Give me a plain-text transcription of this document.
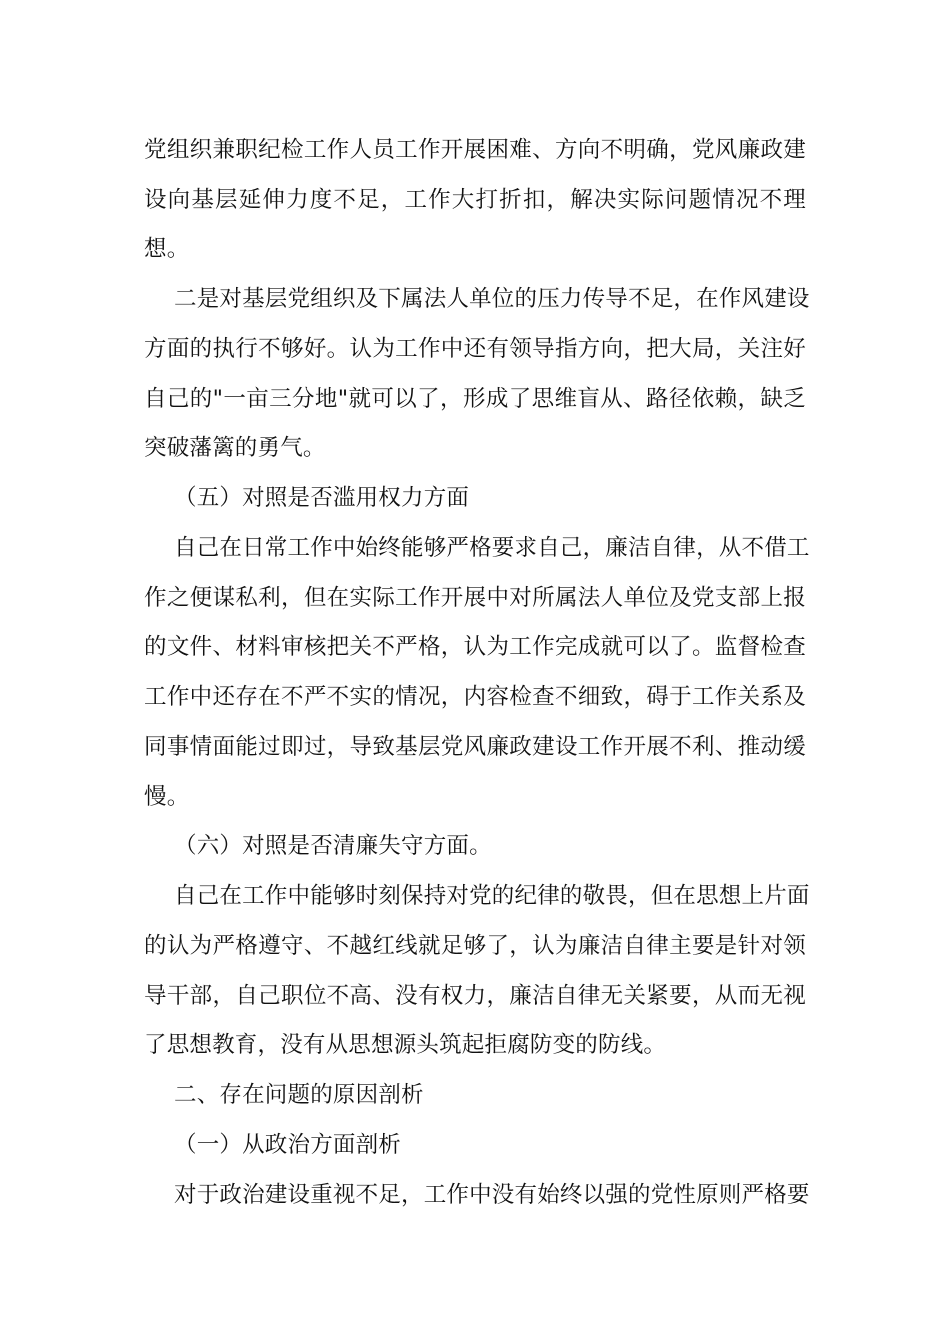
党组织兼职纪检工作人员工作开展困难、方向不明确，党风廉政建
设向基层延伸力度不足，工作大打折扣，解决实际问题情况不理
想。
二是对基层党组织及下属法人单位的压力传导不足，在作风建设
方面的执行不够好。认为工作中还有领导指方向，把大局，关注好
自己的"一亩三分地"就可以了，形成了思维盲从、路径依赖，缺乏
突破藩篱的勇气。
（五）对照是否滥用权力方面
自己在日常工作中始终能够严格要求自己，廉洁自律，从不借工
作之便谋私利，但在实际工作开展中对所属法人单位及党支部上报
的文件、材料审核把关不严格，认为工作完成就可以了。监督检查
工作中还存在不严不实的情况，内容检查不细致，碍于工作关系及
同事情面能过即过，导致基层党风廉政建设工作开展不利、推动缓
慢。
（六）对照是否清廉失守方面。
自己在工作中能够时刻保持对党的纪律的敬畏，但在思想上片面
的认为严格遵守、不越红线就足够了，认为廉洁自律主要是针对领
导干部，自己职位不高、没有权力，廉洁自律无关紧要，从而无视
了思想教育，没有从思想源头筑起拒腐防变的防线。
二、存在问题的原因剖析
（一）从政治方面剖析
对于政治建设重视不足，工作中没有始终以强的党性原则严格要
